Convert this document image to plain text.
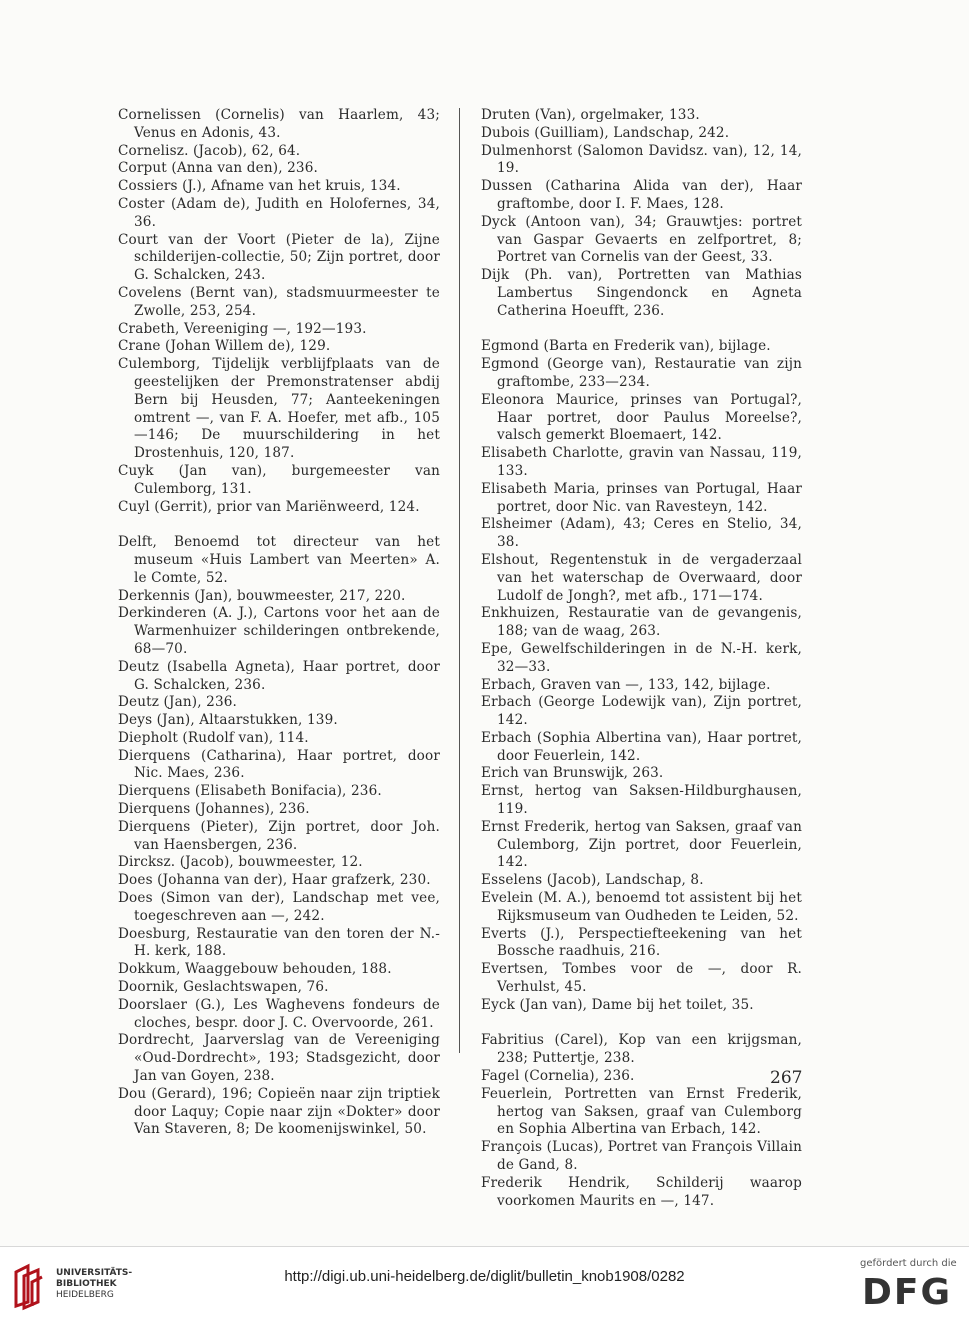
Cornelissen (Cornelis) van Haarlem, 43; Venus en Adonis, 43.
Cornelisz. (Jacob), 62, 64.
Corput (Anna van den), 236.
Cossiers (J.), Afname van het kruis, 134.
Coster (Adam de), Judith en Holofernes, 34, 36.
Court van der Voort (Pieter de la), Zijne schilderijen-collectie, 50; Zijn portret, door G. Schalcken, 243.
Covelens (Bernt van), stadsmuurmeester te Zwolle, 253, 254.
Crabeth, Vereeniging —, 192—193.
Crane (Johan Willem de), 129.
Culemborg, Tijdelijk verblijfplaats van de geestelijken der Premonstratenser abdij Bern bij Heusden, 77; Aanteekeningen omtrent —, van F. A. Hoefer, met afb., 105—146; De muurschildering in het Drostenhuis, 120, 187.
Cuyk (Jan van), burgemeester van Culemborg, 131.
Cuyl (Gerrit), prior van Mariënweerd, 124.
Delft, Benoemd tot directeur van het museum «Huis Lambert van Meerten» A. le Comte, 52.
Derkennis (Jan), bouwmeester, 217, 220.
Derkinderen (A. J.), Cartons voor het aan de Warmenhuizer schilderingen ontbrekende, 68—70.
Deutz (Isabella Agneta), Haar portret, door G. Schalcken, 236.
Deutz (Jan), 236.
Deys (Jan), Altaarstukken, 139.
Diepholt (Rudolf van), 114.
Dierquens (Catharina), Haar portret, door Nic. Maes, 236.
Dierquens (Elisabeth Bonifacia), 236.
Dierquens (Johannes), 236.
Dierquens (Pieter), Zijn portret, door Joh. van Haensbergen, 236.
Dircksz. (Jacob), bouwmeester, 12.
Does (Johanna van der), Haar grafzerk, 230.
Does (Simon van der), Landschap met vee, toegeschreven aan —, 242.
Doesburg, Restauratie van den toren der N.-H. kerk, 188.
Dokkum, Waaggebouw behouden, 188.
Doornik, Geslachtswapen, 76.
Doorslaer (G.), Les Waghevens fondeurs de cloches, bespr. door J. C. Overvoorde, 261.
Dordrecht, Jaarverslag van de Vereeniging «Oud-Dordrecht», 193; Stadsgezicht, door Jan van Goyen, 238.
Dou (Gerard), 196; Copieën naar zijn triptiek door Laquy; Copie naar zijn «Dokter» door Van Staveren, 8; De koomenijswinkel, 50.
Druten (Van), orgelmaker, 133.
Dubois (Guilliam), Landschap, 242.
Dulmenhorst (Salomon Davidsz. van), 12, 14, 19.
Dussen (Catharina Alida van der), Haar graftombe, door I. F. Maes, 128.
Dyck (Antoon van), 34; Grauwtjes: portret van Gaspar Gevaerts en zelfportret, 8; Portret van Cornelis van der Geest, 33.
Dijk (Ph. van), Portretten van Mathias Lambertus Singendonck en Agneta Catherina Hoeufft, 236.
Egmond (Barta en Frederik van), bijlage.
Egmond (George van), Restauratie van zijn graftombe, 233—234.
Eleonora Maurice, prinses van Portugal?, Haar portret, door Paulus Moreelse?, valsch gemerkt Bloemaert, 142.
Elisabeth Charlotte, gravin van Nassau, 119, 133.
Elisabeth Maria, prinses van Portugal, Haar portret, door Nic. van Ravesteyn, 142.
Elsheimer (Adam), 43; Ceres en Stelio, 34, 38.
Elshout, Regentenstuk in de vergaderzaal van het waterschap de Overwaard, door Ludolf de Jongh?, met afb., 171—174.
Enkhuizen, Restauratie van de gevangenis, 188; van de waag, 263.
Epe, Gewelfschilderingen in de N.-H. kerk, 32—33.
Erbach, Graven van —, 133, 142, bijlage.
Erbach (George Lodewijk van), Zijn portret, 142.
Erbach (Sophia Albertina van), Haar portret, door Feuerlein, 142.
Erich van Brunswijk, 263.
Ernst, hertog van Saksen-Hildburghausen, 119.
Ernst Frederik, hertog van Saksen, graaf van Culemborg, Zijn portret, door Feuerlein, 142.
Esselens (Jacob), Landschap, 8.
Evelein (M. A.), benoemd tot assistent bij het Rijksmuseum van Oudheden te Leiden, 52.
Everts (J.), Perspectiefteekening van het Bossche raadhuis, 216.
Evertsen, Tombes voor de —, door R. Verhulst, 45.
Eyck (Jan van), Dame bij het toilet, 35.
Fabritius (Carel), Kop van een krijgsman, 238; Puttertje, 238.
Fagel (Cornelia), 236.
Feuerlein, Portretten van Ernst Frederik, hertog van Saksen, graaf van Culemborg en Sophia Albertina van Erbach, 142.
François (Lucas), Portret van François Villain de Gand, 8.
Frederik Hendrik, Schilderij waarop voorkomen Maurits en —, 147.
267
UNIVERSITÄTS-
BIBLIOTHEK
HEIDELBERG
http://digi.ub.uni-heidelberg.de/diglit/bulletin_knob1908/0282
gefördert durch die
DFG
